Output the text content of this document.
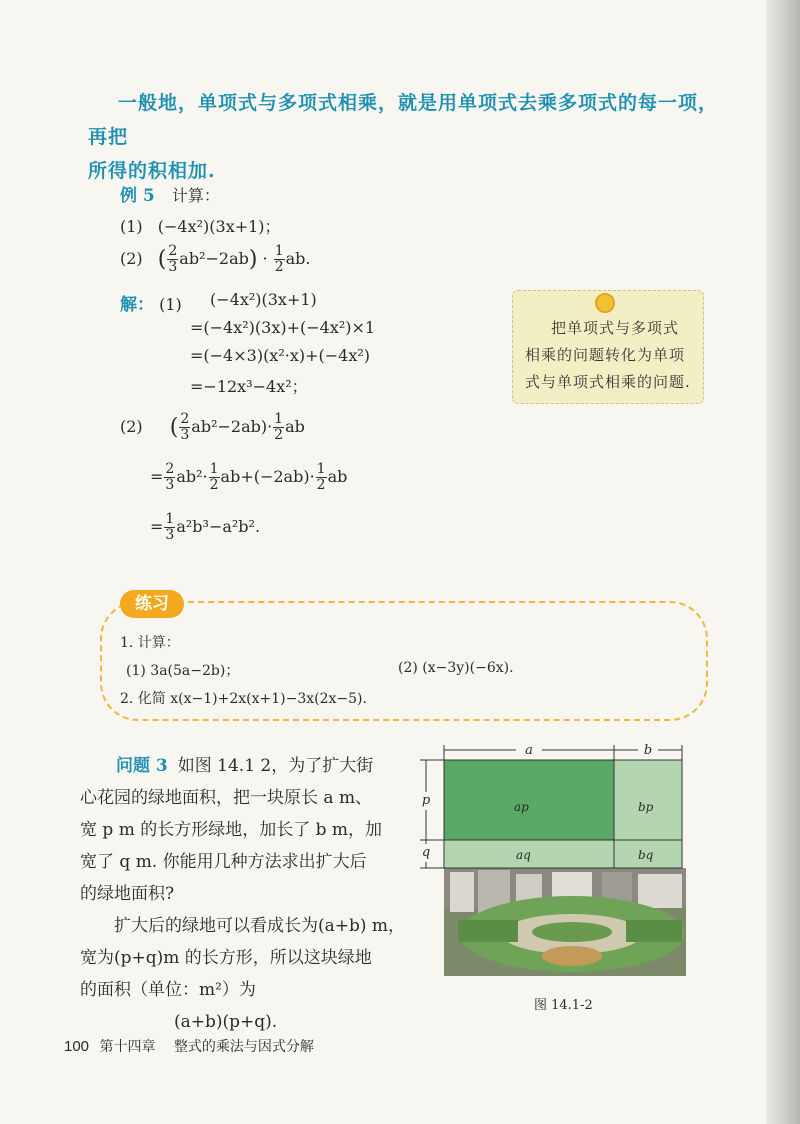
一般地，单项式与多项式相乘，就是用单项式去乘多项式的每一项，再把
所得的积相加.
例 5 计算：
(1) (−4x²)(3x+1)；
(2) ( $\frac{2}{3} ab^2-2ab) \cdot \frac{1}{2}$ ab.
解： (1) (−4x²)(3x+1)
=(−4x²)(3x)+(−4x²)×1
=(−4×3)(x²·x)+(−4x²)
=−12x³−4x²；
把单项式与多项式
相乘的问题转化为单项
式与单项式相乘的问题.
(2) ( $\frac{2}{3} ab^2-2ab)\cdot \frac{1}{2}$ ab
= $\frac{2}{3} ab^2\cdot \frac{1}{2} ab+(-2ab)\cdot \frac{1}{2}$ ab
= $\frac{1}{3} a^2b^3-a^2b^2$.
练习
1. 计算：
(1) 3a(5a−2b)；	(2) (x−3y)(−6x).
2. 化简 x(x−1)+2x(x+1)−3x(2x−5).
问题 3 如图 14.1 2，为了扩大街
心花园的绿地面积，把一块原长 a m、
宽 p m 的长方形绿地，加长了 b m，加
宽了 q m. 你能用几种方法求出扩大后
的绿地面积?
扩大后的绿地可以看成长为(a+b) m，
宽为(p+q)m 的长方形，所以这块绿地
的面积（单位：m²）为
(a+b)(p+q).
a	b
p
q
ap	bp
aq	bq
图 14.1-2
100 第十四章 整式的乘法与因式分解
